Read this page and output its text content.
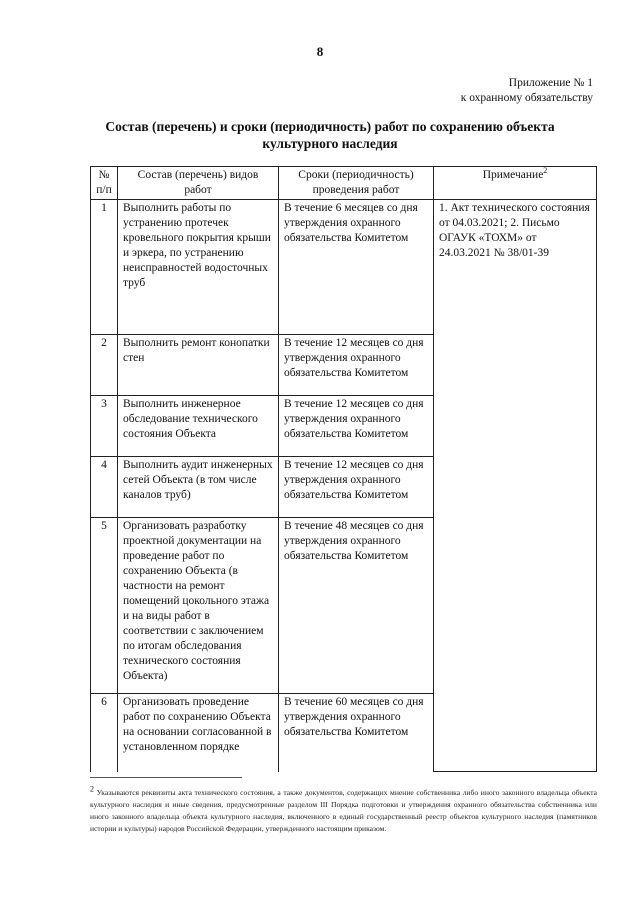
8
Приложение № 1
к охранному обязательству
Состав (перечень) и сроки (периодичность) работ по сохранению объекта
культурного наследия
№ п/п	Состав (перечень) видов работ	Сроки (периодичность) проведения работ	Примечание$^2$
1	Выполнить работы по устранению протечек кровельного покрытия крыши и эркера, по устранению неисправностей водосточных труб	В течение 6 месяцев со дня утверждения охранного обязательства Комитетом	1. Акт технического состояния от 04.03.2021; 2. Письмо ОГАУК «ТОХМ» от 24.03.2021 № 38/01-39
2	Выполнить ремонт конопатки стен	В течение 12 месяцев со дня утверждения охранного обязательства Комитетом	
3	Выполнить инженерное обследование технического состояния Объекта	В течение 12 месяцев со дня утверждения охранного обязательства Комитетом	
4	Выполнить аудит инженерных сетей Объекта (в том числе каналов труб)	В течение 12 месяцев со дня утверждения охранного обязательства Комитетом	
5	Организовать разработку проектной документации на проведение работ по сохранению Объекта (в частности на ремонт помещений цокольного этажа и на виды работ в соответствии с заключением по итогам обследования технического состояния Объекта)	В течение 48 месяцев со дня утверждения охранного обязательства Комитетом	
6	Организовать проведение работ по сохранению Объекта на основании согласованной в установленном порядке	В течение 60 месяцев со дня утверждения охранного обязательства Комитетом	
$^2$ Указываются реквизиты акта технического состояния, а также документов, содержащих мнение собственника либо иного законного владельца объекта культурного наследия и иные сведения, предусмотренные разделом III Порядка подготовки и утверждения охранного обязательства собственника или иного законного владельца объекта культурного наследия, включенного в единый государственный реестр объектов культурного наследия (памятников истории и культуры) народов Российской Федерации, утвержденного настоящим приказом.
